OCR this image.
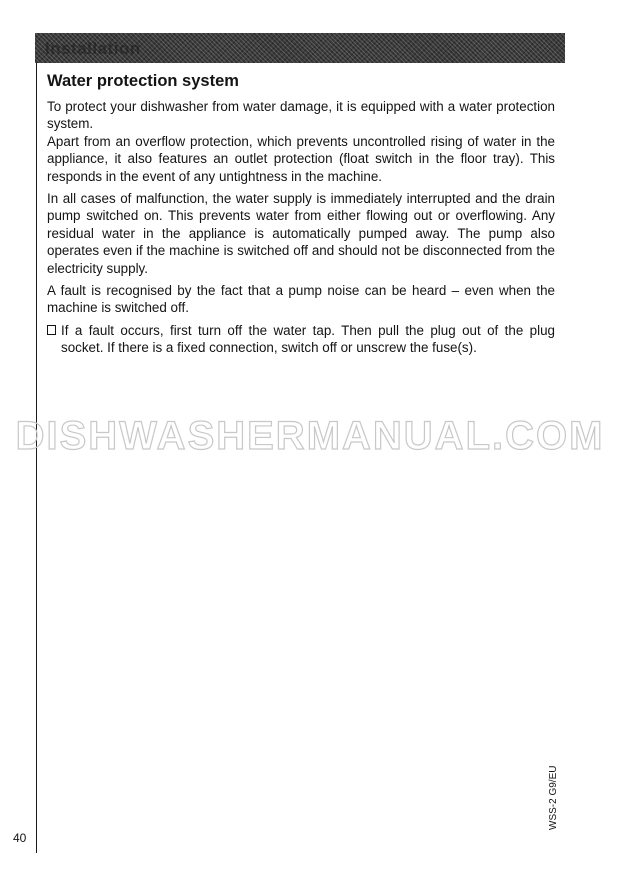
Installation
Water protection system

To protect your dishwasher from water damage, it is equipped with a water protection system.

Apart from an overflow protection, which prevents uncontrolled rising of water in the appliance, it also features an outlet protection (float switch in the floor tray). This responds in the event of any untightness in the machine.

In all cases of malfunction, the water supply is immediately interrupted and the drain pump switched on. This prevents water from either flowing out or overflowing. Any residual water in the appliance is automatically pumped away. The pump also operates even if the machine is switched off and should not be disconnected from the electricity supply.

A fault is recognised by the fact that a pump noise can be heard – even when the machine is switched off.

If a fault occurs, first turn off the water tap. Then pull the plug out of the plug socket. If there is a fixed connection, switch off or unscrew the fuse(s).
DISHWASHERMANUAL.COM
40
WSS-2 G9/EU
